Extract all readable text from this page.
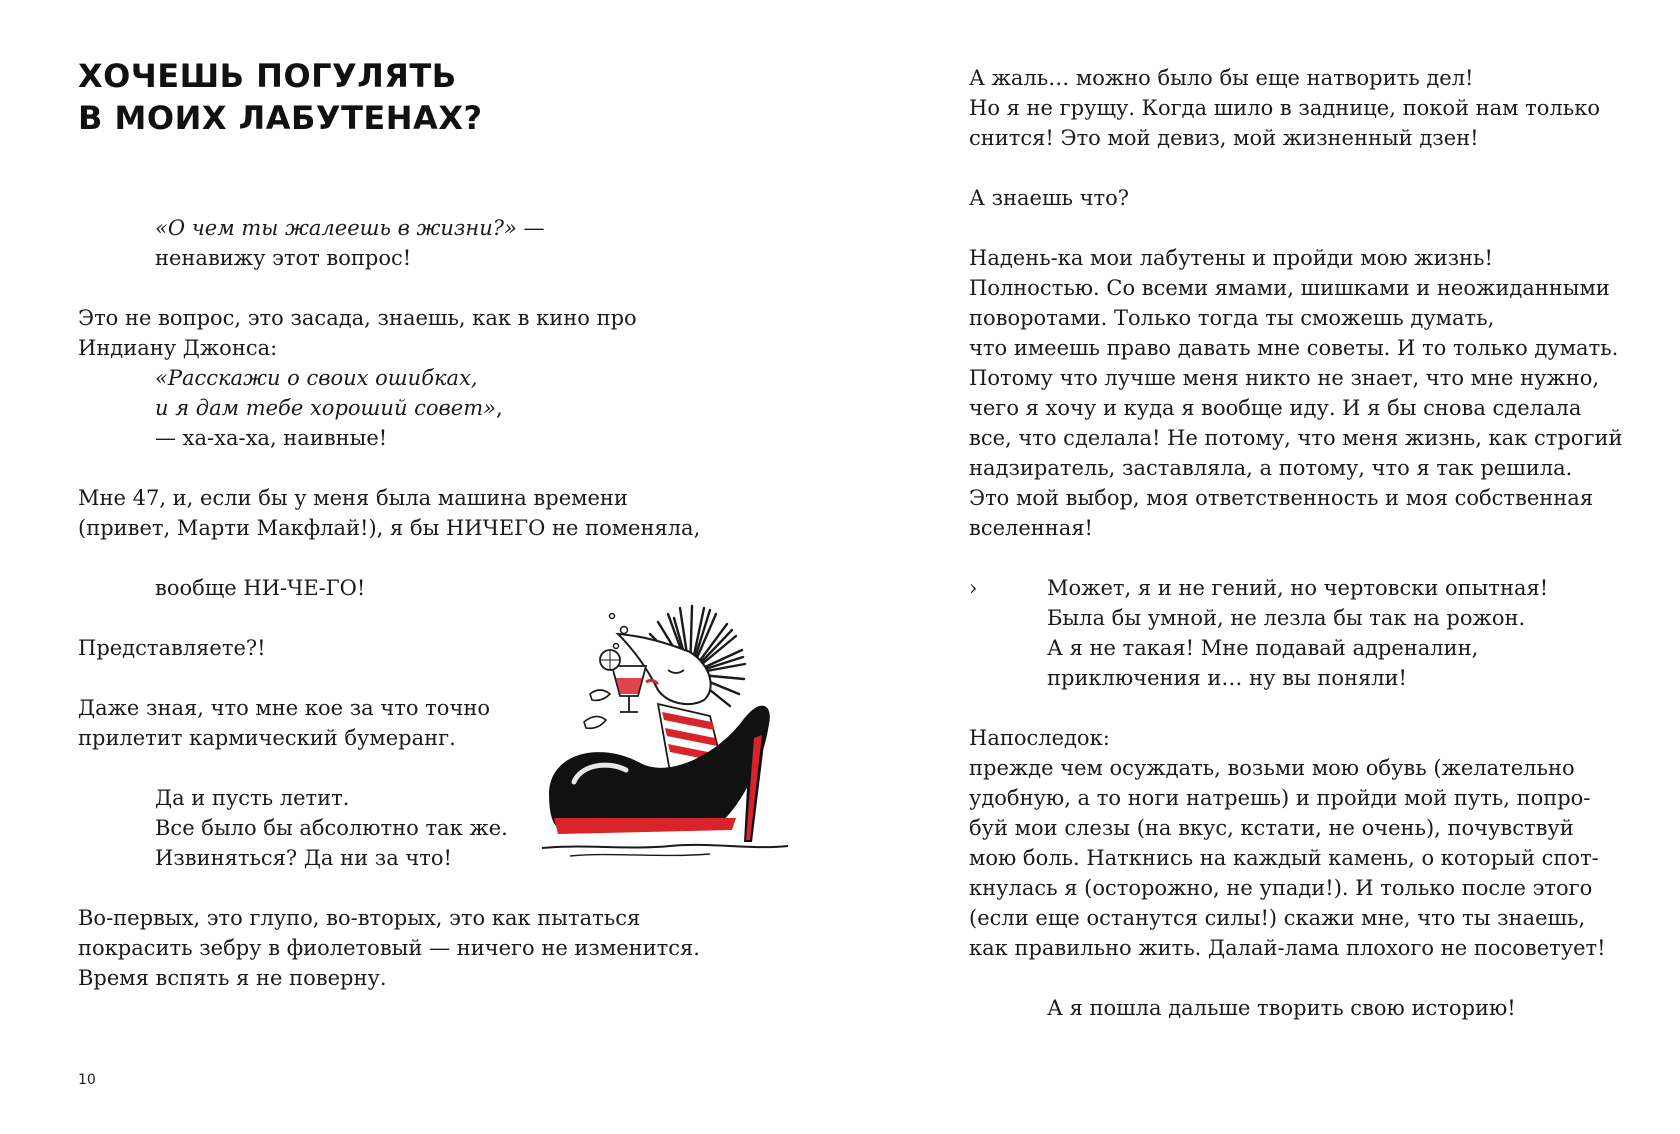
ХОЧЕШЬ ПОГУЛЯТЬ
В МОИХ ЛАБУТЕНАХ?
«О чем ты жалеешь в жизни?» —
ненавижу этот вопрос!
Это не вопрос, это засада, знаешь, как в кино про
Индиану Джонса:
«Расскажи о своих ошибках,
и я дам тебе хороший совет»,
— ха-ха-ха, наивные!
Мне 47, и, если бы у меня была машина времени
(привет, Марти Макфлай!), я бы НИЧЕГО не поменяла,
вообще НИ-ЧЕ-ГО!
Представляете?!
Даже зная, что мне кое за что точно
прилетит кармический бумеранг.
Да и пусть летит.
Все было бы абсолютно так же.
Извиняться? Да ни за что!
Во-первых, это глупо, во-вторых, это как пытаться
покрасить зебру в фиолетовый — ничего не изменится.
Время вспять я не поверну.
10
А жаль… можно было бы еще натворить дел!
Но я не грущу. Когда шило в заднице, покой нам только
снится! Это мой девиз, мой жизненный дзен!
А знаешь что?
Надень-ка мои лабутены и пройди мою жизнь!
Полностью. Со всеми ямами, шишками и неожиданными
поворотами. Только тогда ты сможешь думать,
что имеешь право давать мне советы. И то только думать.
Потому что лучше меня никто не знает, что мне нужно,
чего я хочу и куда я вообще иду. И я бы снова сделала
все, что сделала! Не потому, что меня жизнь, как строгий
надзиратель, заставляла, а потому, что я так решила.
Это мой выбор, моя ответственность и моя собственная
вселенная!
›	Может, я и не гений, но чертовски опытная!
Была бы умной, не лезла бы так на рожон.
А я не такая! Мне подавай адреналин,
приключения и… ну вы поняли!
Напоследок:
прежде чем осуждать, возьми мою обувь (желательно
удобную, а то ноги натрешь) и пройди мой путь, попро-
буй мои слезы (на вкус, кстати, не очень), почувствуй
мою боль. Наткнись на каждый камень, о который спот-
кнулась я (осторожно, не упади!). И только после этого
(если еще останутся силы!) скажи мне, что ты знаешь,
как правильно жить. Далай-лама плохого не посоветует!
А я пошла дальше творить свою историю!
